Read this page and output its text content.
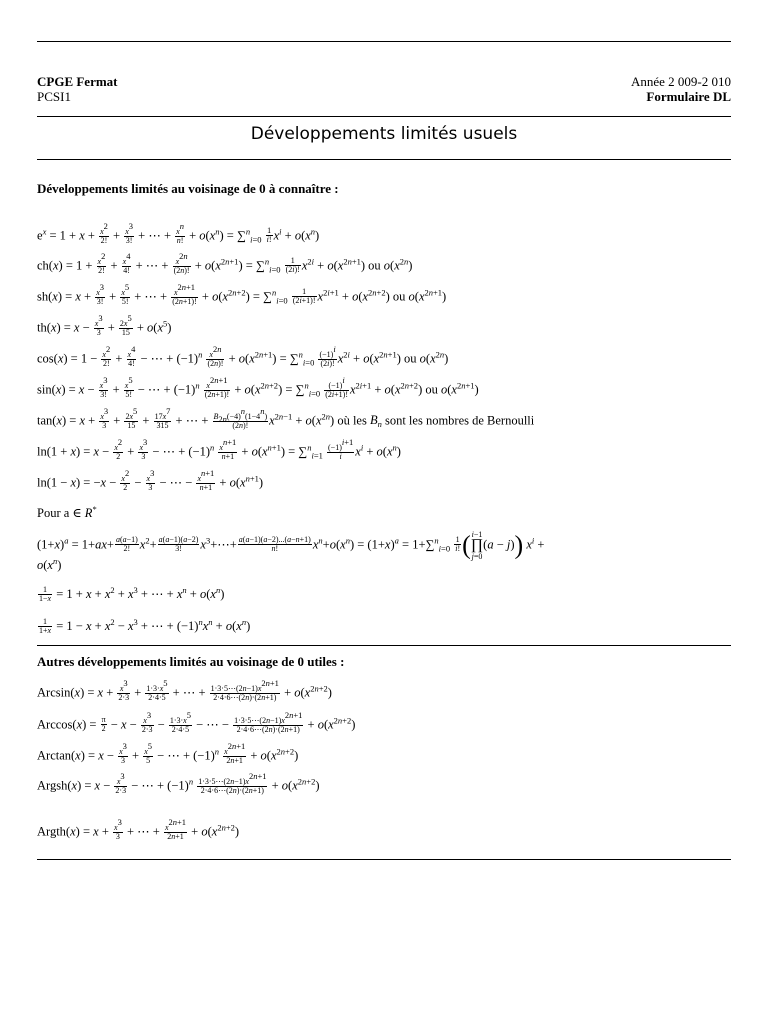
CPGE Fermat
PCSI1
Année 2 009-2 010
Formulaire DL
Développements limités usuels
Développements limités au voisinage de 0 à connaître :
$e^x = 1 + x + \frac{x^2}{2!} + \frac{x^3}{3!}$ + ⋯ + $\frac{x^n}{n!} + o(x^n) = \sum^n_{i=0} \frac{1}{i!} x^i + o(x^n)$
$ch(x) = 1 + \frac{x^2}{2!} + \frac{x^4}{4!}$ + ⋯ + $\frac{x^{2n}}{(2n)!} + o(x^{2n+1}) = \sum^n_{i=0} \frac{1}{(2i)!} x^{2i} + o(x^{2n+1})$ ou $o(x^{2n})$
$sh(x) = x + \frac{x^3}{3!} + \frac{x^5}{5!}$ + ⋯ + $\frac{x^{2n+1}}{(2n+1)!} + o(x^{2n+2}) = \sum^n_{i=0} \frac{1}{(2i+1)!} x^{2i+1} + o(x^{2n+2})$ ou $o(x^{2n+1})$
$th(x) = x - \frac{x^3}{3} + \frac{2x^5}{15} + o(x^5)$
$\cos(x) = 1 - \frac{x^2}{2!} + \frac{x^4}{4!}$ − ⋯ + $(-1)^n \frac{x^{2n}}{(2n)!} + o(x^{2n+1}) = \sum^n_{i=0} \frac{(-1)^i}{(2i)!} x^{2i} + o(x^{2n+1})$ ou $o(x^{2n})$
$\sin(x) = x - \frac{x^3}{3!} + \frac{x^5}{5!}$ − ⋯ + $(-1)^n \frac{x^{2n+1}}{(2n+1)!} + o(x^{2n+2}) = \sum^n_{i=0} \frac{(-1)^i}{(2i+1)!} x^{2i+1} + o(x^{2n+2})$ ou $o(x^{2n+1})$
$\tan(x) = x + \frac{x^3}{3} + \frac{2x^5}{15} + \frac{17x^7}{315}$ + ⋯ + $\frac{B_{2n}(-4)^n(1-4^n)}{(2n)!} x^{2n-1} + o(x^{2n})$ où les $B_n$ sont les nombres de Bernoulli
$\ln(1 + x) = x - \frac{x^2}{2} + \frac{x^3}{3}$ − ⋯ + $(-1)^n \frac{x^{n+1}}{n+1} + o(x^{n+1}) = \sum^n_{i=1} \frac{(-1)^{i+1}}{i} x^i + o(x^n)$
$\ln(1 - x) = -x - \frac{x^2}{2} - \frac{x^3}{3}$ − ⋯ − $\frac{x^{n+1}}{n+1} + o(x^{n+1})$
Pour a ∈ R*
$(1+x)^a = 1+ax+ \frac{a(a-1)}{2!} x^2+ \frac{a(a-1)(a-2)}{3!}$ $x^3+\cdots+ \frac{a(a-1)(a-2)...(a-n+1)}{n!} x^n+o(x^n) = (1+x)^a = 1+\sum^n_{i=0} \frac{1}{i!} (i-1$
∏
j=0(a − j)) $x^i$ +
$o(x^n)$
$\frac{1}{1-x} = 1 + x + x^2 + x^3$ + ⋯ + $x^n + o(x^n)$
$\frac{1}{1+x} = 1 - x + x^2 - x^3$ + ⋯ + $(-1)^nx^n + o(x^n)$
Autres développements limités au voisinage de 0 utiles :
$Arcsin(x) = x + \frac{x^3}{2\cdot 3} + \frac{1\cdot 3\cdot x^5}{2\cdot 4\cdot 5}$ + ⋯ + $\frac{1\cdot 3\cdot 5\cdots(2n-1)x^{2n+1}}{2\cdot 4\cdot 6\cdots(2n)\cdot(2n+1)} + o(x^{2n+2})$
$Arccos(x) = \frac{\pi}{2} - x - \frac{x^3}{2\cdot 3} - \frac{1\cdot 3\cdot x^5}{2\cdot 4\cdot 5}$ − ⋯ − $\frac{1\cdot 3\cdot 5\cdots(2n-1)x^{2n+1}}{2\cdot 4\cdot 6\cdots(2n)\cdot(2n+1)} + o(x^{2n+2})$
$Arctan(x) = x - \frac{x^3}{3} + \frac{x^5}{5}$ − ⋯ + $(-1)^n \frac{x^{2n+1}}{2n+1} + o(x^{2n+2})$
Argsh(x) = $x - \frac{x^3}{2\cdot 3}$ − ⋯ + $(-1)^n \frac{1\cdot 3\cdot 5\cdots(2n-1)x^{2n+1}}{2\cdot 4\cdot 6\cdots(2n)\cdot(2n+1)} + o(x^{2n+2})$
Argth(x) = $x + \frac{x^3}{3}$ + ⋯ + $\frac{x^{2n+1}}{2n+1} + o(x^{2n+2})$
